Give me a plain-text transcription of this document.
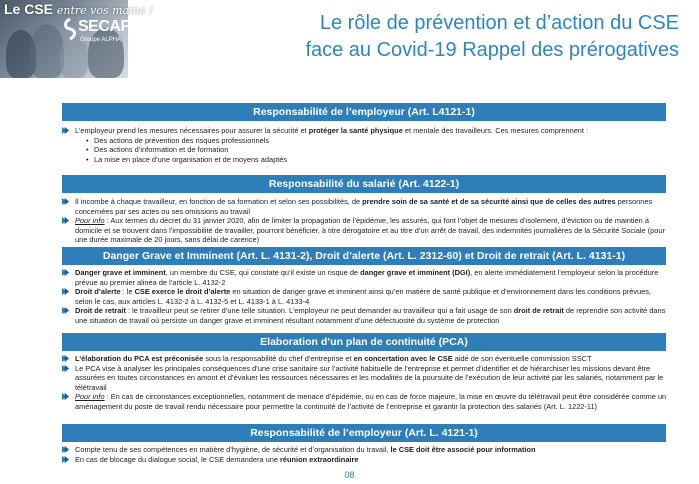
Le CSE entre vos mains !
SECAFI
Groupe ALPHA
Le rôle de prévention et d’action du CSE
face au Covid-19 Rappel des prérogatives
Responsabilité de l’employeur (Art. L4121-1)
L’employeur prend les mesures nécessaires pour assurer la sécurité et protéger la santé physique et mentale des travailleurs. Ces mesures comprennent :
• Des actions de prévention des risques professionnels
• Des actions d’information et de formation
• La mise en place d’une organisation et de moyens adaptés
Responsabilité du salarié (Art. 4122-1)
Il incombe à chaque travailleur, en fonction de sa formation et selon ses possibilités, de prendre soin de sa santé et de sa sécurité ainsi que de celles des autres personnes concernées par ses actes ou ses omissions au travail
Pour info : Aux termes du décret du 31 janvier 2020, afin de limiter la propagation de l’épidémie, les assurés, qui font l’objet de mesures d’isolement, d’éviction ou de maintien à domicile et se trouvent dans l’impossibilité de travailler, pourront bénéficier, à titre dérogatoire et au titre d’un arrêt de travail, des indemnités journalières de la Sécurité Sociale (pour une durée maximale de 20 jours, sans délai de carence)
Danger Grave et Imminent (Art. L. 4131-2), Droit d’alerte (Art. L. 2312-60) et Droit de retrait (Art. L. 4131-1)
Danger grave et imminent, un membre du CSE, qui constate qu’il existe un risque de danger grave et imminent (DGI), en alerte immédiatement l’employeur selon la procédure prévue au premier alinéa de l’article L. 4132-2
Droit d’alerte : le CSE exerce le droit d’alerte en situation de danger grave et imminent ainsi qu’en matière de santé publique et d’environnement dans les conditions prévues, selon le cas, aux articles L. 4132-2 à L. 4132-5 et L. 4133-1 à L. 4133-4
Droit de retrait : le travailleur peut se retirer d’une telle situation. L’employeur ne peut demander au travailleur qui a fait usage de son droit de retrait de reprendre son activité dans une situation de travail où persiste un danger grave et imminent résultant notamment d’une défectuosité du système de protection
Elaboration d’un plan de continuité (PCA)
L’élaboration du PCA est préconisée sous la responsabilité du chef d’entreprise et en concertation avec le CSE aidé de son éventuelle commission SSCT
Le PCA vise à analyser les principales conséquences d’une crise sanitaire sur l’activité habituelle de l’entreprise et permet d’identifier et de hiérarchiser les missions devant être assurées en toutes circonstances en amont et d’évaluer les ressources nécessaires et les modalités de la poursuite de l’exécution de leur activité par les salariés, notamment par le télétravail
Pour info : En cas de circonstances exceptionnelles, notamment de menace d’épidémie, ou en cas de force majeure, la mise en œuvre du télétravail peut être considérée comme un aménagement du poste de travail rendu nécessaire pour permettre la continuité de l’activité de l’entreprise et garantir la protection des salariés (Art. L. 1222-11)
Responsabilité de l’employeur (Art. L. 4121-1)
Compte tenu de ses compétences en matière d’hygiène, de sécurité et d’organisation du travail, le CSE doit être associé pour information
En cas de blocage du dialogue social, le CSE demandera une réunion extraordinaire
08
